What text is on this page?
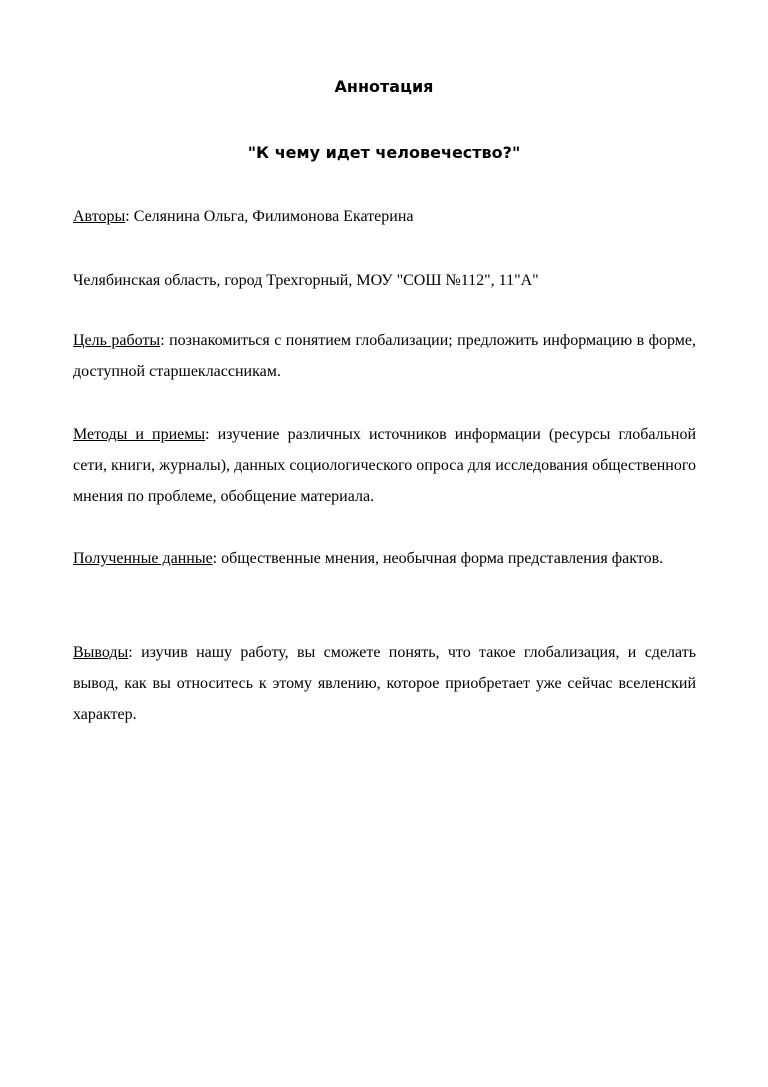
Аннотация
"К чему идет человечество?"

Авторы: Селянина Ольга, Филимонова Екатерина

Челябинская область, город Трехгорный, МОУ "СОШ №112", 11"А"

Цель работы: познакомиться с понятием глобализации; предложить информацию в форме, доступной старшеклассникам.

Методы и приемы: изучение различных источников информации (ресурсы глобальной сети, книги, журналы), данных социологического опроса для исследования общественного мнения по проблеме, обобщение материала.

Полученные данные: общественные мнения, необычная форма представления фактов.

Выводы: изучив нашу работу, вы сможете понять, что такое глобализация, и сделать вывод, как вы относитесь к этому явлению, которое приобретает уже сейчас вселенский характер.
